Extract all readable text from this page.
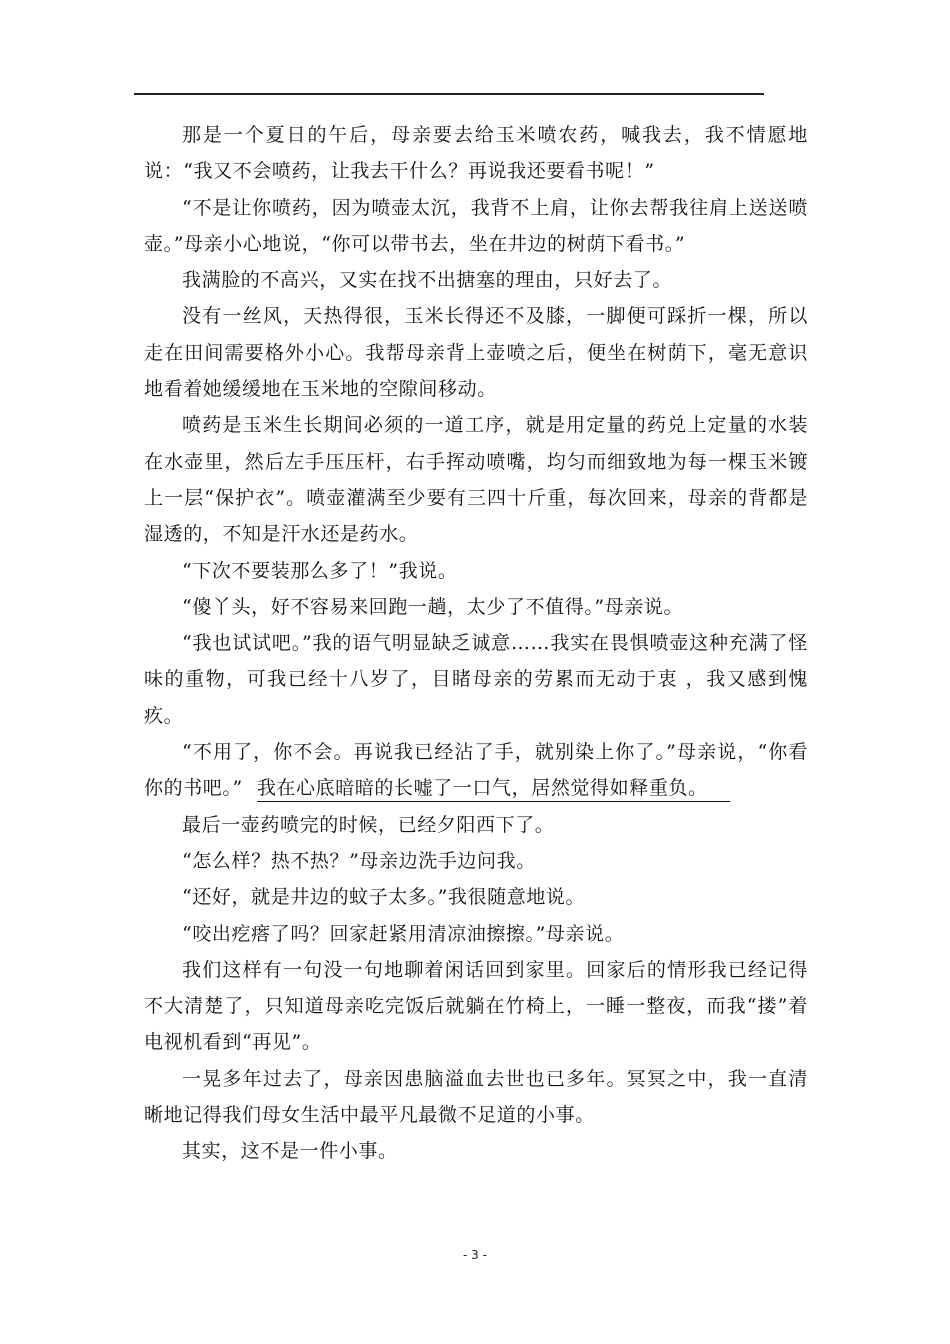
那是一个夏日的午后，母亲要去给玉米喷农药，喊我去，我不情愿地说：“我又不会喷药，让我去干什么？再说我还要看书呢！”

“不是让你喷药，因为喷壶太沉，我背不上肩，让你去帮我往肩上送送喷壶。”母亲小心地说，“你可以带书去，坐在井边的树荫下看书。”

我满脸的不高兴，又实在找不出搪塞的理由，只好去了。

没有一丝风，天热得很，玉米长得还不及膝，一脚便可踩折一棵，所以走在田间需要格外小心。我帮母亲背上壶喷之后，便坐在树荫下，毫无意识地看着她缓缓地在玉米地的空隙间移动。

喷药是玉米生长期间必须的一道工序，就是用定量的药兑上定量的水装在水壶里，然后左手压压杆，右手挥动喷嘴，均匀而细致地为每一棵玉米镀上一层“保护衣”。喷壶灌满至少要有三四十斤重，每次回来，母亲的背都是湿透的，不知是汗水还是药水。

“下次不要装那么多了！”我说。

“傻丫头，好不容易来回跑一趟，太少了不值得。”母亲说。

“我也试试吧。”我的语气明显缺乏诚意……我实在畏惧喷壶这种充满了怪味的重物，可我已经十八岁了，目睹母亲的劳累而无动于衷 ，我又感到愧疚。

“不用了，你不会。再说我已经沾了手，就别染上你了。”母亲说，“你看你的书吧。” 我在心底暗暗的长嘘了一口气，居然觉得如释重负。

最后一壶药喷完的时候，已经夕阳西下了。

“怎么样？热不热？”母亲边洗手边问我。

“还好，就是井边的蚊子太多。”我很随意地说。

“咬出疙瘩了吗？回家赶紧用清凉油擦擦。”母亲说。

我们这样有一句没一句地聊着闲话回到家里。回家后的情形我已经记得不大清楚了，只知道母亲吃完饭后就躺在竹椅上，一睡一整夜，而我“搂”着电视机看到“再见”。

一晃多年过去了，母亲因患脑溢血去世也已多年。冥冥之中，我一直清晰地记得我们母女生活中最平凡最微不足道的小事。

其实，这不是一件小事。

- 3 -
